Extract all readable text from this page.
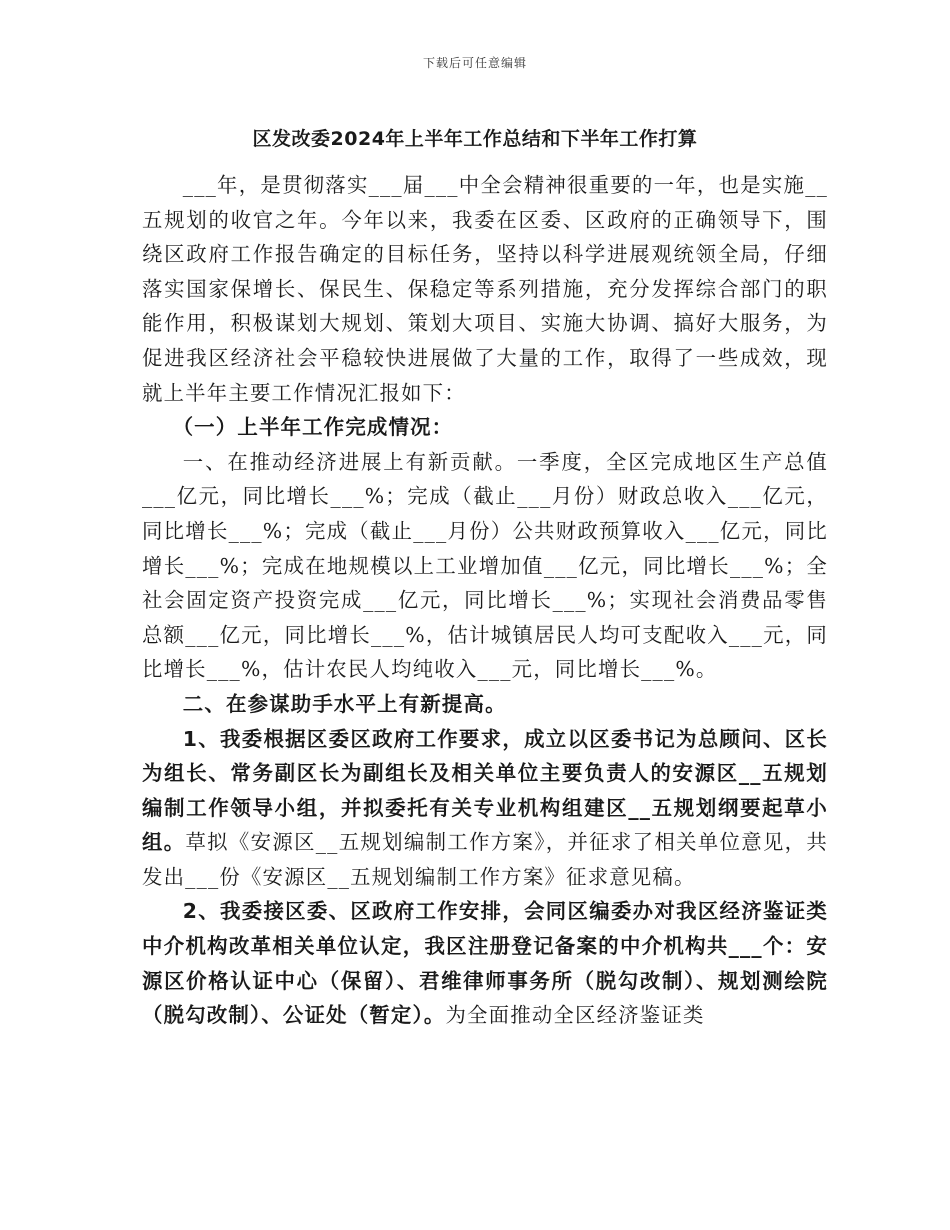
下载后可任意编辑
区发改委2024年上半年工作总结和下半年工作打算

___年，是贯彻落实___届___中全会精神很重要的一年，也是实施__五规划的收官之年。今年以来，我委在区委、区政府的正确领导下，围绕区政府工作报告确定的目标任务，坚持以科学进展观统领全局，仔细落实国家保增长、保民生、保稳定等系列措施，充分发挥综合部门的职能作用，积极谋划大规划、策划大项目、实施大协调、搞好大服务，为促进我区经济社会平稳较快进展做了大量的工作，取得了一些成效，现就上半年主要工作情况汇报如下：

（一）上半年工作完成情况：

一、在推动经济进展上有新贡献。一季度，全区完成地区生产总值___亿元，同比增长___%；完成（截止___月份）财政总收入___亿元，同比增长___%；完成（截止___月份）公共财政预算收入___亿元，同比增长___%；完成在地规模以上工业增加值___亿元，同比增长___%；全社会固定资产投资完成___亿元，同比增长___%；实现社会消费品零售总额___亿元，同比增长___%，估计城镇居民人均可支配收入___元，同比增长___%，估计农民人均纯收入___元，同比增长___%。

二、在参谋助手水平上有新提高。

1、我委根据区委区政府工作要求，成立以区委书记为总顾问、区长为组长、常务副区长为副组长及相关单位主要负责人的安源区__五规划编制工作领导小组，并拟委托有关专业机构组建区__五规划纲要起草小组。草拟《安源区__五规划编制工作方案》，并征求了相关单位意见，共发出___份《安源区__五规划编制工作方案》征求意见稿。

2、我委接区委、区政府工作安排，会同区编委办对我区经济鉴证类中介机构改革相关单位认定，我区注册登记备案的中介机构共___个：安源区价格认证中心（保留）、君维律师事务所（脱勾改制）、规划测绘院（脱勾改制）、公证处（暂定）。为全面推动全区经济鉴证类
